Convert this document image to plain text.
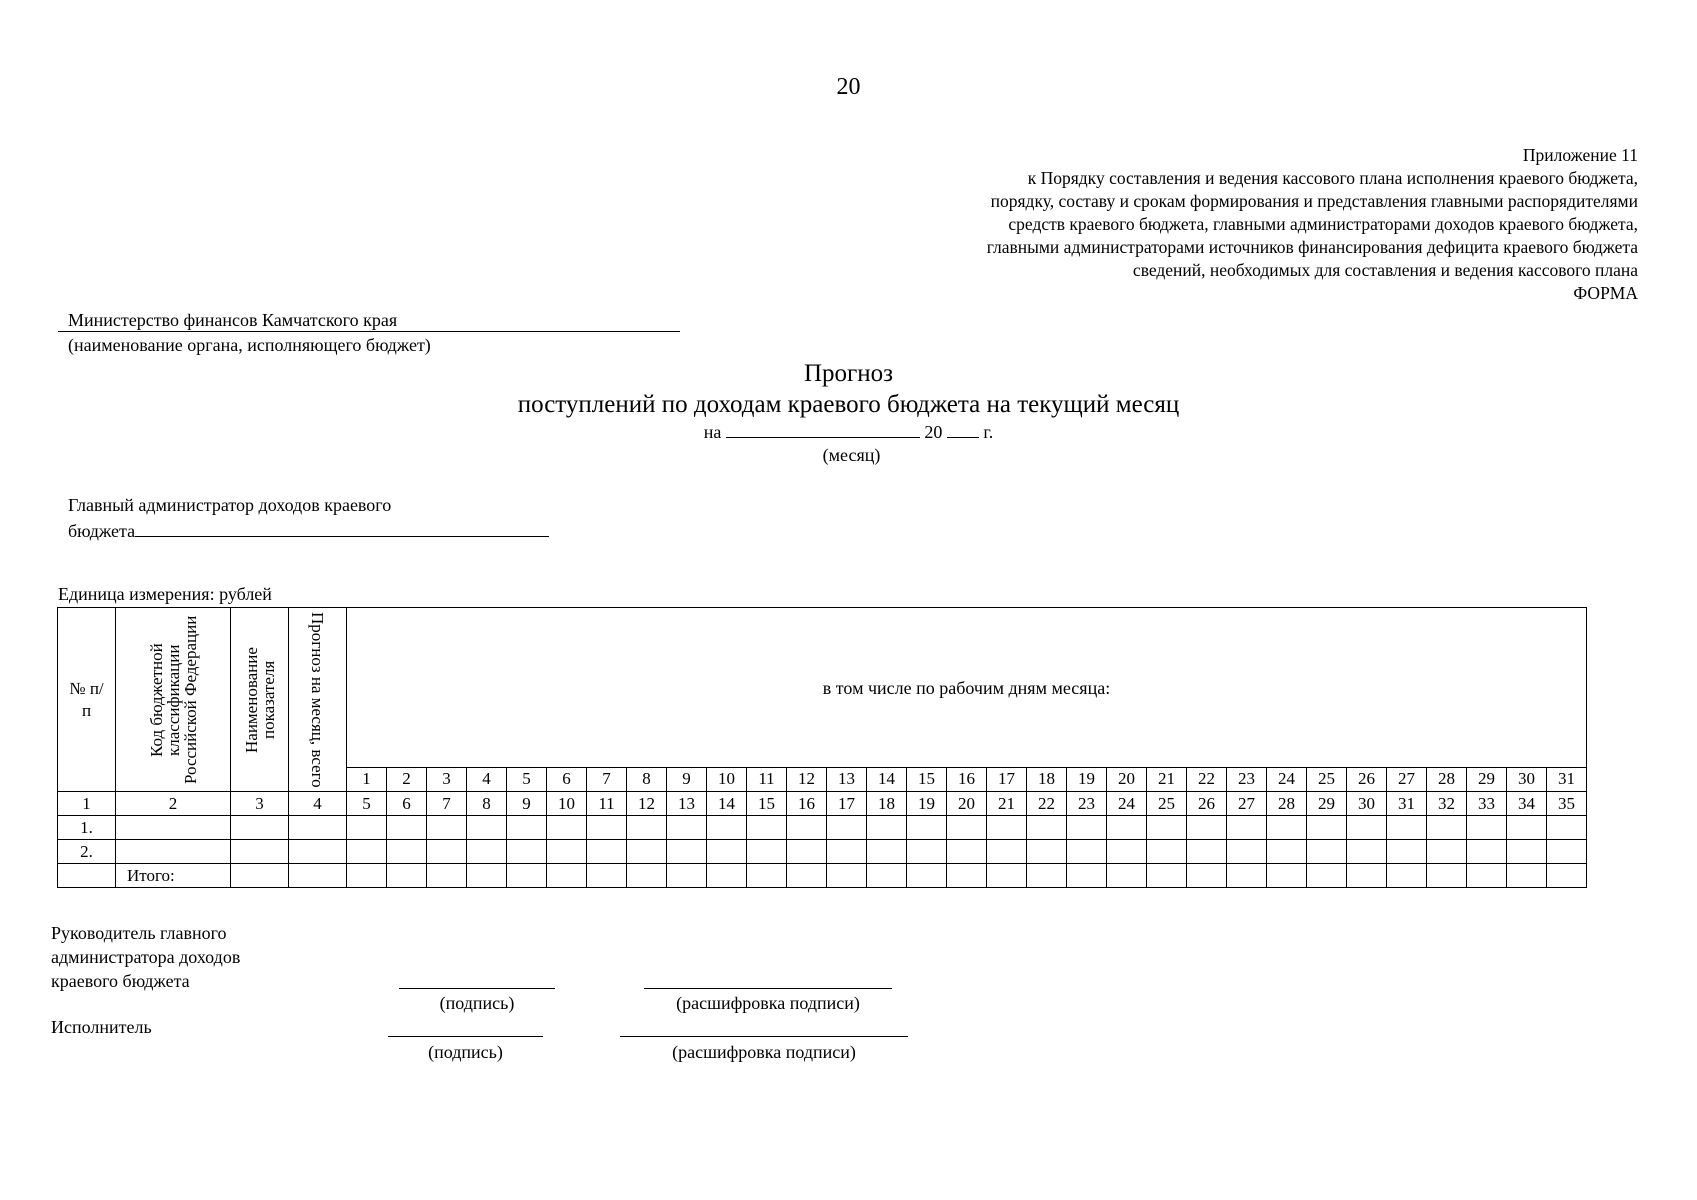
20
Приложение 11
к Порядку составления и ведения кассового плана исполнения краевого бюджета,
порядку, составу и срокам формирования и представления главными распорядителями
средств краевого бюджета, главными администраторами доходов краевого бюджета,
главными администраторами источников финансирования дефицита краевого бюджета
сведений, необходимых для составления и ведения кассового плана
ФОРМА
Министерство финансов Камчатского края
(наименование органа, исполняющего бюджет)
Прогноз
поступлений по доходам краевого бюджета на текущий месяц
на	20 г.
(месяц)
Главный администратор доходов краевого
бюджета
Единица измерения: рублей
№ п/п	Код бюджетной классификации Российской Федерации	Наименование показателя	Прогноз на месяц, всего	в том числе по рабочим дням месяца:																														
				1	2	3	4	5	6	7	8	9	10	11	12	13	14	15	16	17	18	19	20	21	22	23	24	25	26	27	28	29	30	31
1	2	3	4	5	6	7	8	9	10	11	12	13	14	15	16	17	18	19	20	21	22	23	24	25	26	27	28	29	30	31	32	33	34	35
1.																																		
2.																																		
	Итого:																																	
Руководитель главного
администратора доходов
краевого бюджета
(подпись)	(расшифровка подписи)
Исполнитель
(подпись)	(расшифровка подписи)
